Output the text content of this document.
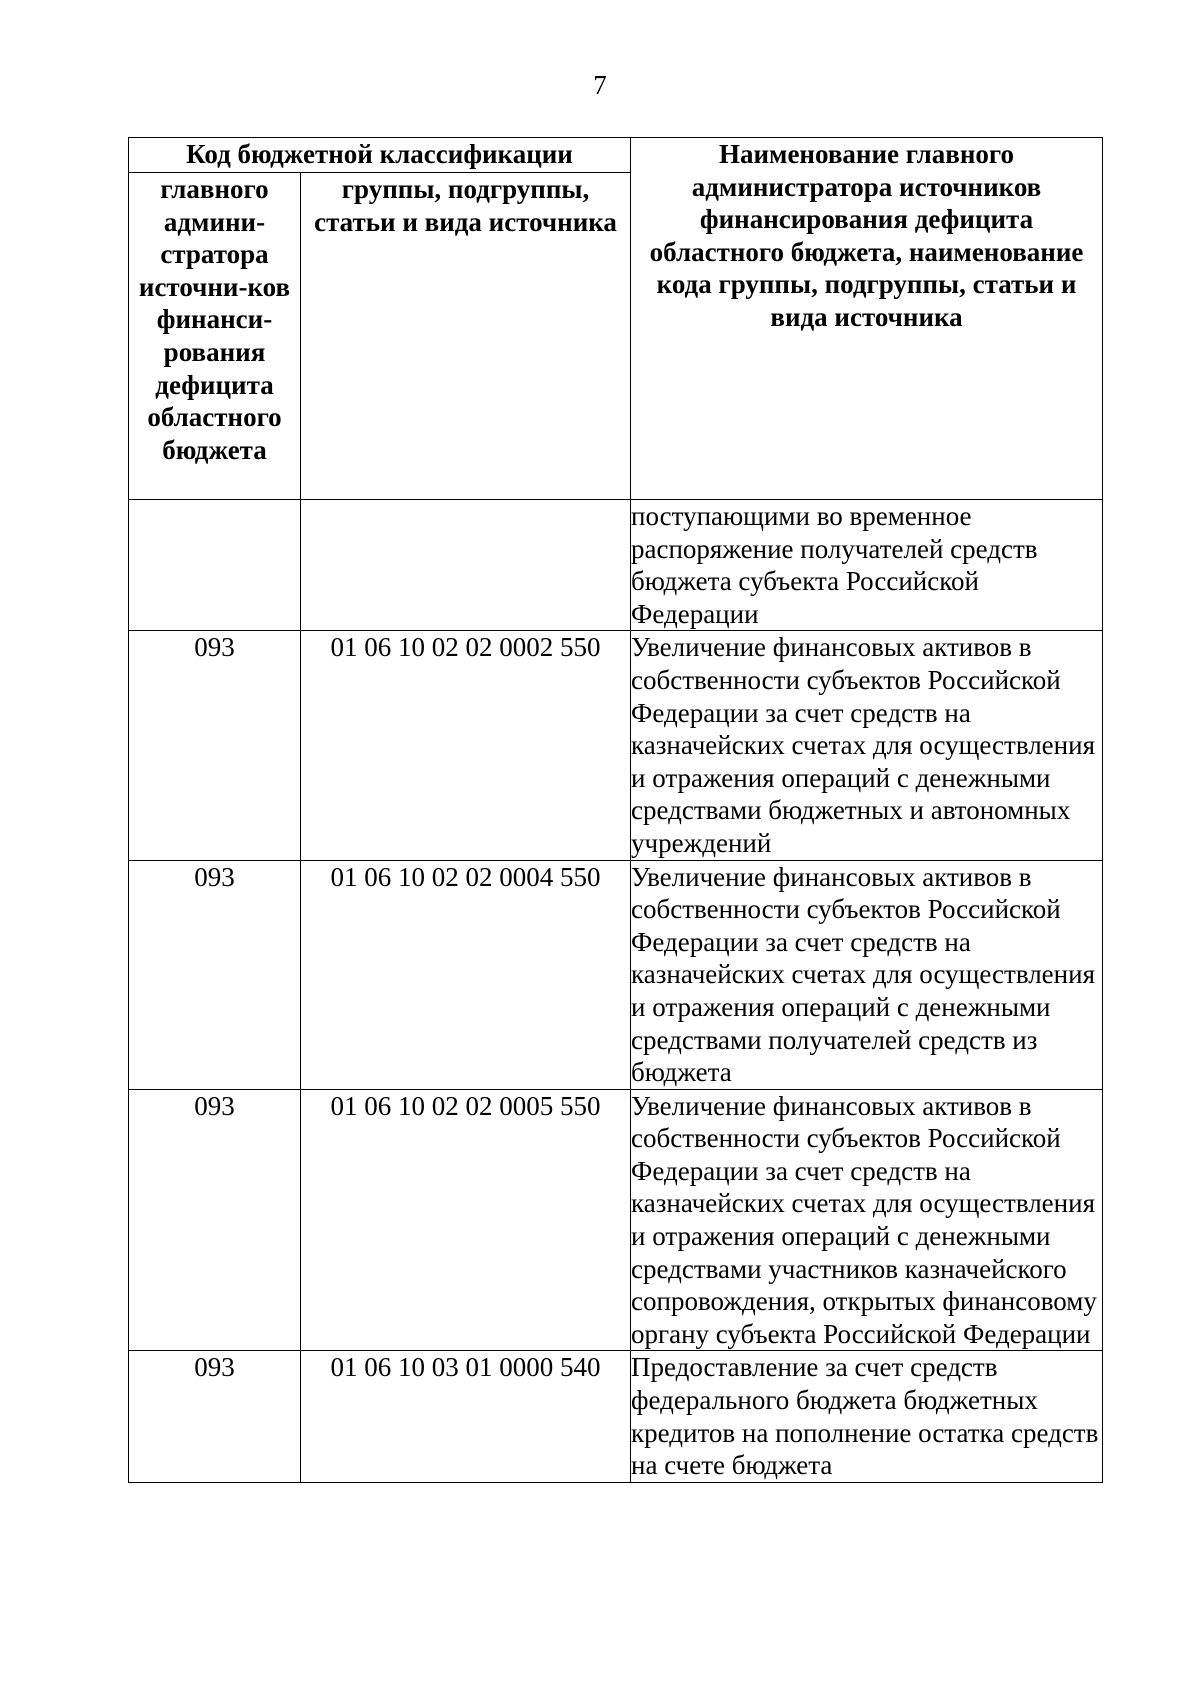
7
Код бюджетной классификации		Наименование главного администратора источников финансирования дефицита областного бюджета, наименование кода группы, подгруппы, статьи и вида источника
главного админи-стратора источни-ков финанси-рования дефицита областного бюджета	группы, подгруппы, статьи и вида источника	
		поступающими во временное распоряжение получателей средств бюджета субъекта Российской Федерации
093	01 06 10 02 02 0002 550	Увеличение финансовых активов в собственности субъектов Российской Федерации за счет средств на казначейских счетах для осуществления и отражения операций с денежными средствами бюджетных и автономных учреждений
093	01 06 10 02 02 0004 550	Увеличение финансовых активов в собственности субъектов Российской Федерации за счет средств на казначейских счетах для осуществления и отражения операций с денежными средствами получателей средств из бюджета
093	01 06 10 02 02 0005 550	Увеличение финансовых активов в собственности субъектов Российской Федерации за счет средств на казначейских счетах для осуществления и отражения операций с денежными средствами участников казначейского сопровождения, открытых финансовому органу субъекта Российской Федерации
093	01 06 10 03 01 0000 540	Предоставление за счет средств федерального бюджета бюджетных кредитов на пополнение остатка средств на счете бюджета
